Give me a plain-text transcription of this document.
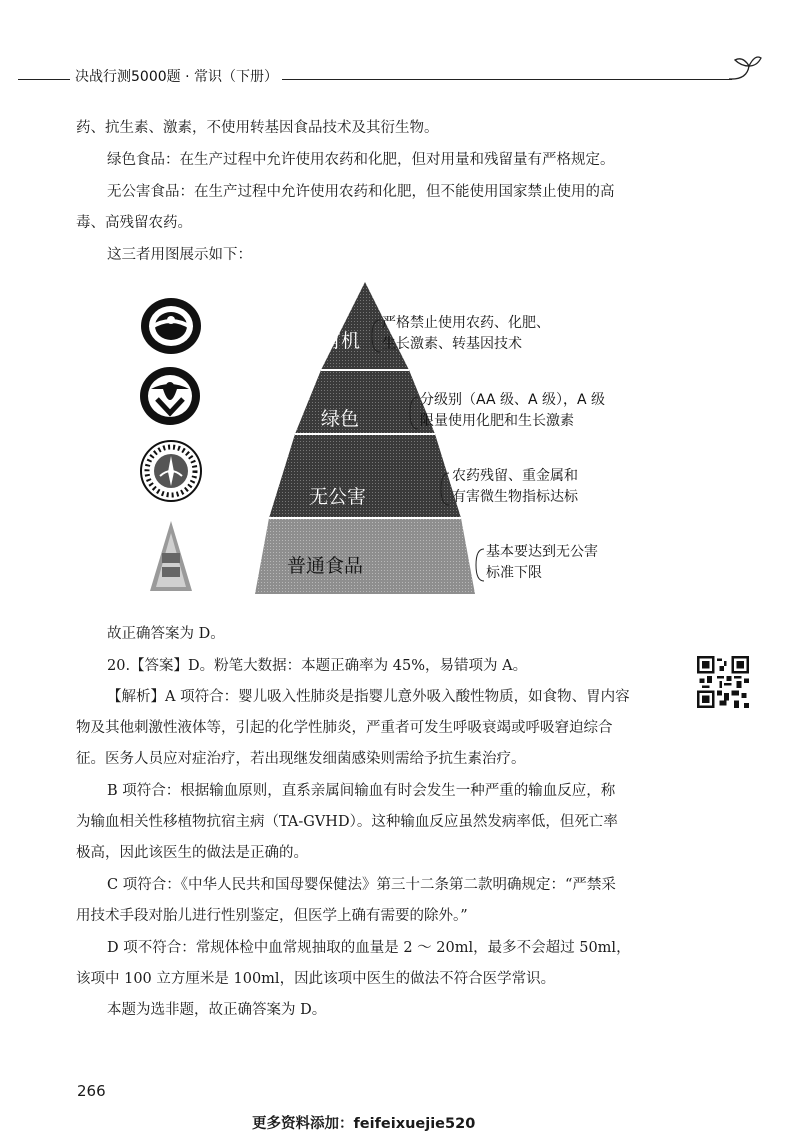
决战行测5000题 · 常识（下册）
药、抗生素、激素，不使用转基因食品技术及其衍生物。
绿色食品：在生产过程中允许使用农药和化肥，但对用量和残留量有严格规定。
无公害食品：在生产过程中允许使用农药和化肥，但不能使用国家禁止使用的高
毒、高残留农药。
这三者用图展示如下：
有机
绿色
无公害
普通食品
严格禁止使用农药、化肥、
生长激素、转基因技术
分级别（AA 级、A 级），A 级
限量使用化肥和生长激素
农药残留、重金属和
有害微生物指标达标
基本要达到无公害
标准下限
故正确答案为 D。
20.【答案】D。粉笔大数据：本题正确率为 45%，易错项为 A。
【解析】A 项符合：婴儿吸入性肺炎是指婴儿意外吸入酸性物质，如食物、胃内容
物及其他刺激性液体等，引起的化学性肺炎，严重者可发生呼吸衰竭或呼吸窘迫综合
征。医务人员应对症治疗，若出现继发细菌感染则需给予抗生素治疗。
B 项符合：根据输血原则，直系亲属间输血有时会发生一种严重的输血反应，称
为输血相关性移植物抗宿主病（TA-GVHD）。这种输血反应虽然发病率低，但死亡率
极高，因此该医生的做法是正确的。
C 项符合：《中华人民共和国母婴保健法》第三十二条第二款明确规定：“严禁采
用技术手段对胎儿进行性别鉴定，但医学上确有需要的除外。”
D 项不符合：常规体检中血常规抽取的血量是 2 ～ 20ml，最多不会超过 50ml，
该项中 100 立方厘米是 100ml，因此该项中医生的做法不符合医学常识。
本题为选非题，故正确答案为 D。
266
更多资料添加：feifeixuejie520
